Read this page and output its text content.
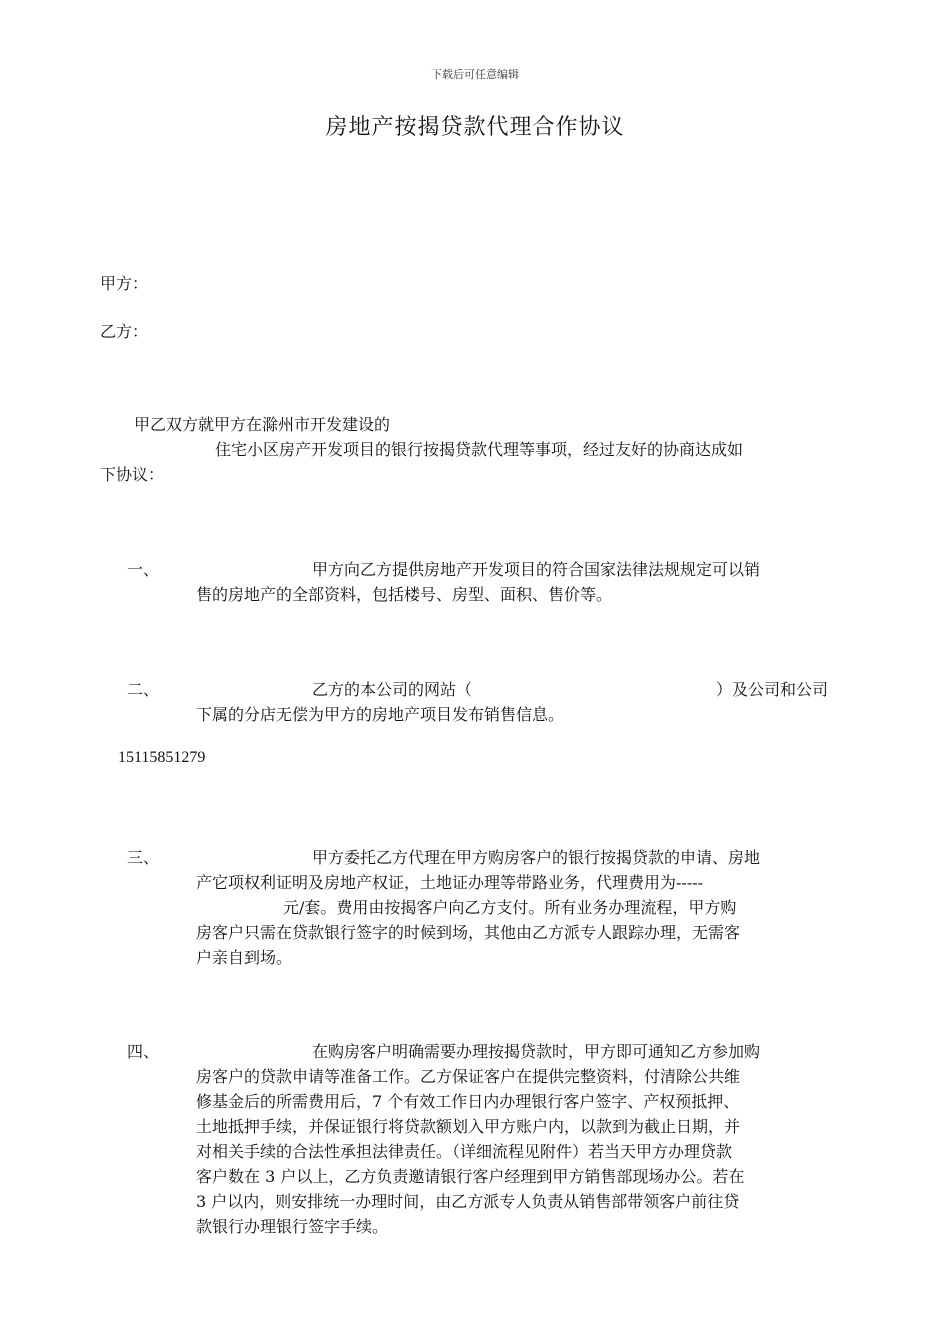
下载后可任意编辑
房地产按揭贷款代理合作协议
甲方：
乙方：
甲乙双方就甲方在滁州市开发建设的
住宅小区房产开发项目的银行按揭贷款代理等事项，经过友好的协商达成如
下协议：
一、	甲方向乙方提供房地产开发项目的符合国家法律法规规定可以销
售的房地产的全部资料，包括楼号、房型、面积、售价等。
二、	乙方的本公司的网站（	）及公司和公司
下属的分店无偿为甲方的房地产项目发布销售信息。
15115851279
三、	甲方委托乙方代理在甲方购房客户的银行按揭贷款的申请、房地
产它项权利证明及房地产权证，土地证办理等带路业务，代理费用为-----
元/套。费用由按揭客户向乙方支付。所有业务办理流程，甲方购
房客户只需在贷款银行签字的时候到场，其他由乙方派专人跟踪办理，无需客
户亲自到场。
四、	在购房客户明确需要办理按揭贷款时，甲方即可通知乙方参加购
房客户的贷款申请等准备工作。乙方保证客户在提供完整资料，付清除公共维
修基金后的所需费用后，7 个有效工作日内办理银行客户签字、产权预抵押、
土地抵押手续，并保证银行将贷款额划入甲方账户内，以款到为截止日期，并
对相关手续的合法性承担法律责任。（详细流程见附件）若当天甲方办理贷款
客户数在 3 户以上，乙方负责邀请银行客户经理到甲方销售部现场办公。若在
3 户以内，则安排统一办理时间，由乙方派专人负责从销售部带领客户前往贷
款银行办理银行签字手续。
